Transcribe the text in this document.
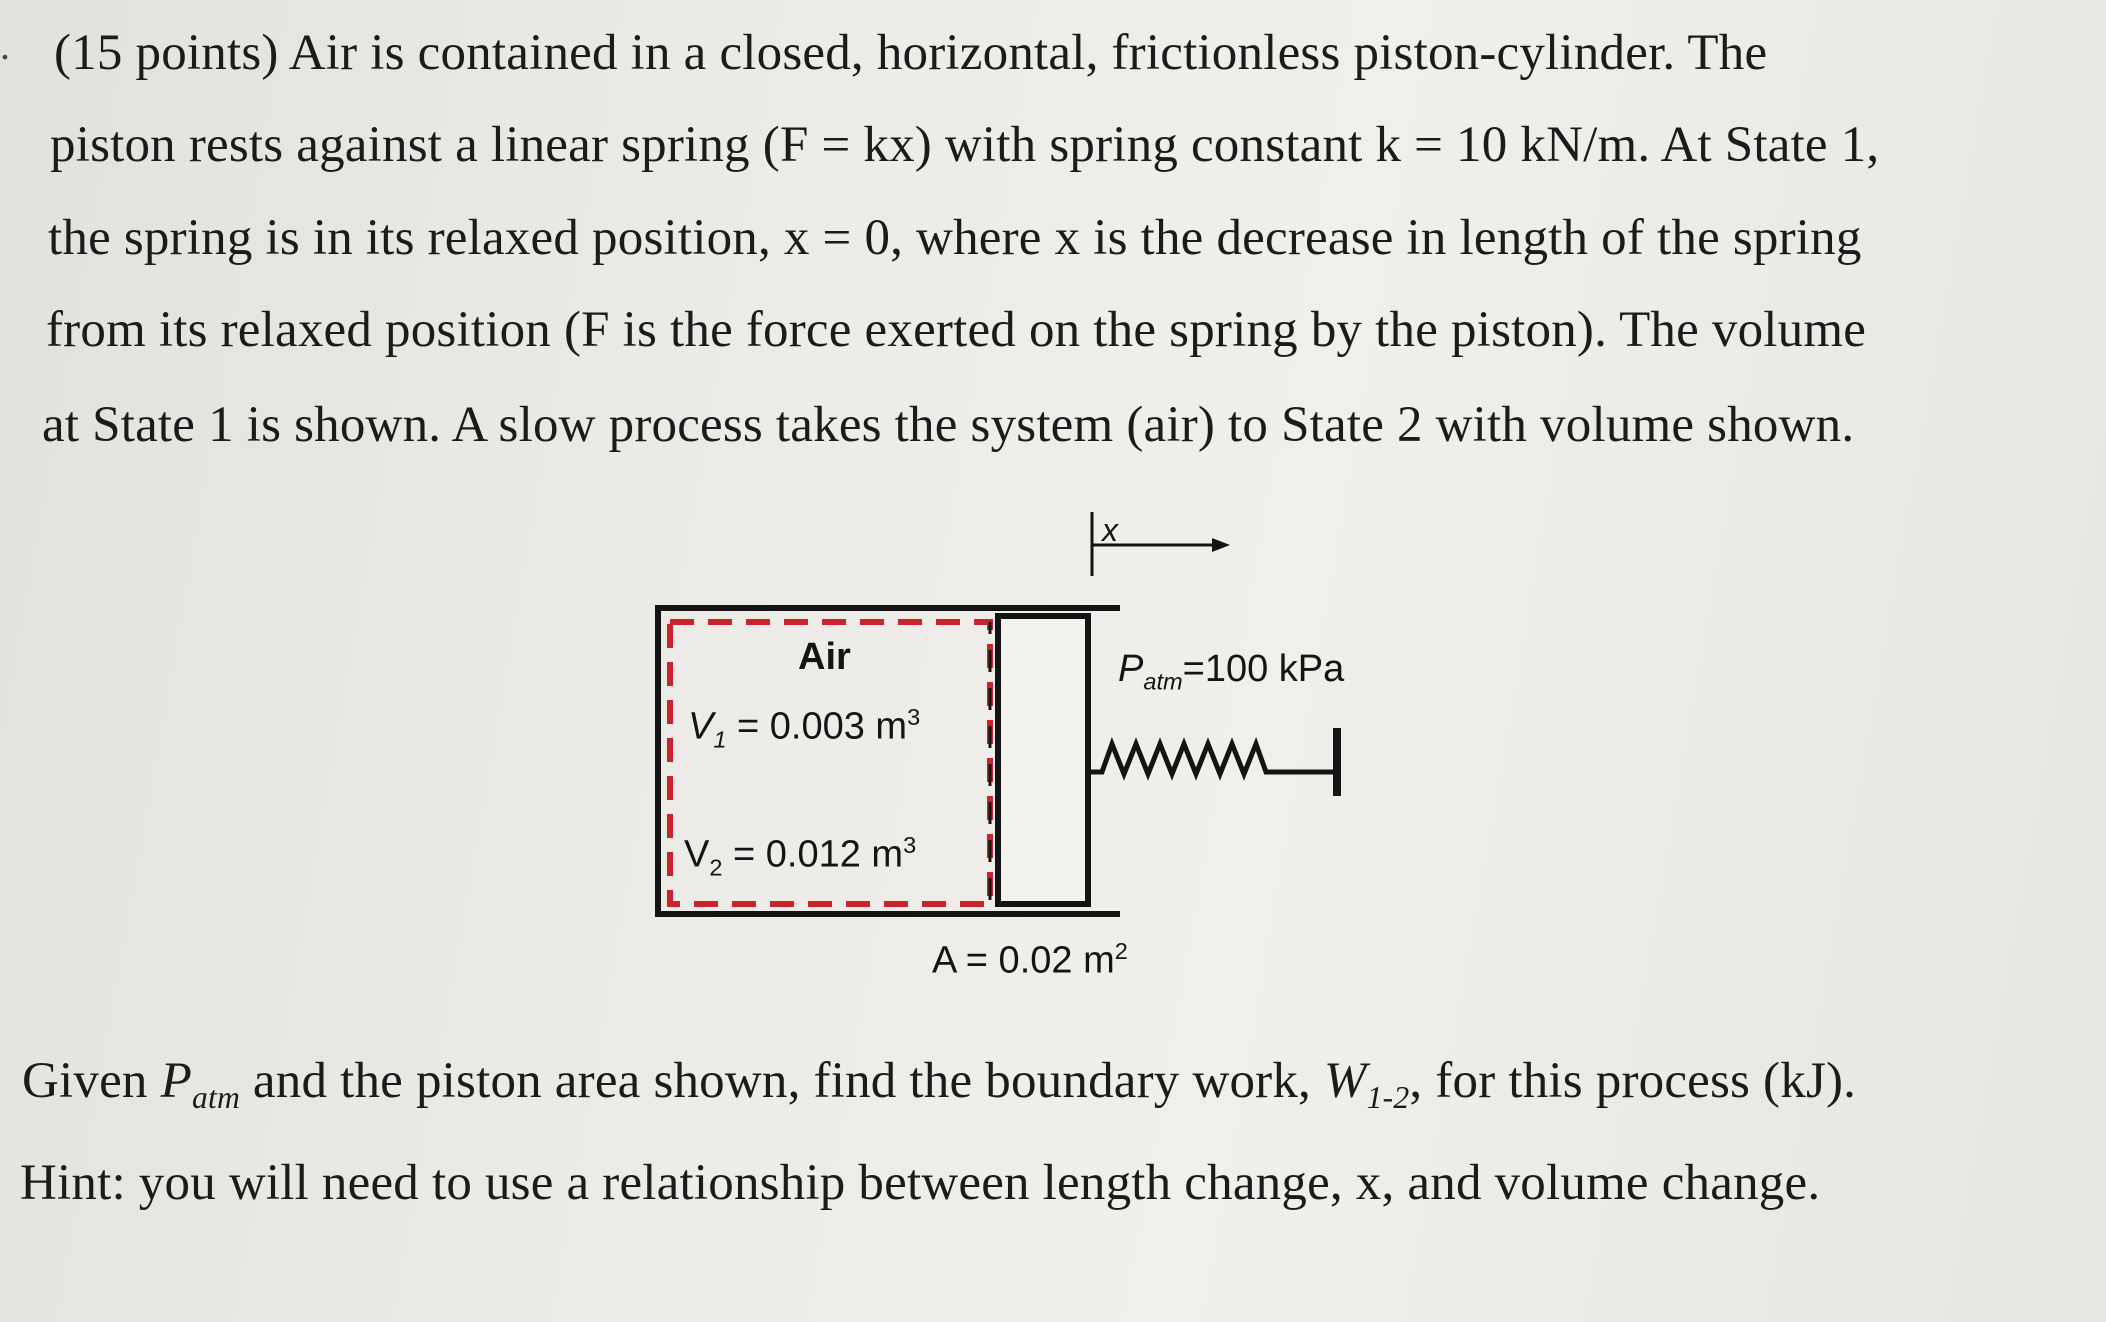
. (15 points) Air is contained in a closed, horizontal, frictionless piston-cylinder. The
piston rests against a linear spring (F = kx) with spring constant k = 10 kN/m. At State 1,
the spring is in its relaxed position, x = 0, where x is the decrease in length of the spring
from its relaxed position (F is the force exerted on the spring by the piston). The volume
at State 1 is shown. A slow process takes the system (air) to State 2 with volume shown.
x
Air
$V_1 = 0.003$ $m^3$
$V_2 = 0.012$ $m^3$
$P_{atm}=100$ kPa
A = 0.02 $m^2$
Given $P_{atm}$ and the piston area shown, find the boundary work, $W_{1-2}$, for this process (kJ).
Hint: you will need to use a relationship between length change, x, and volume change.
